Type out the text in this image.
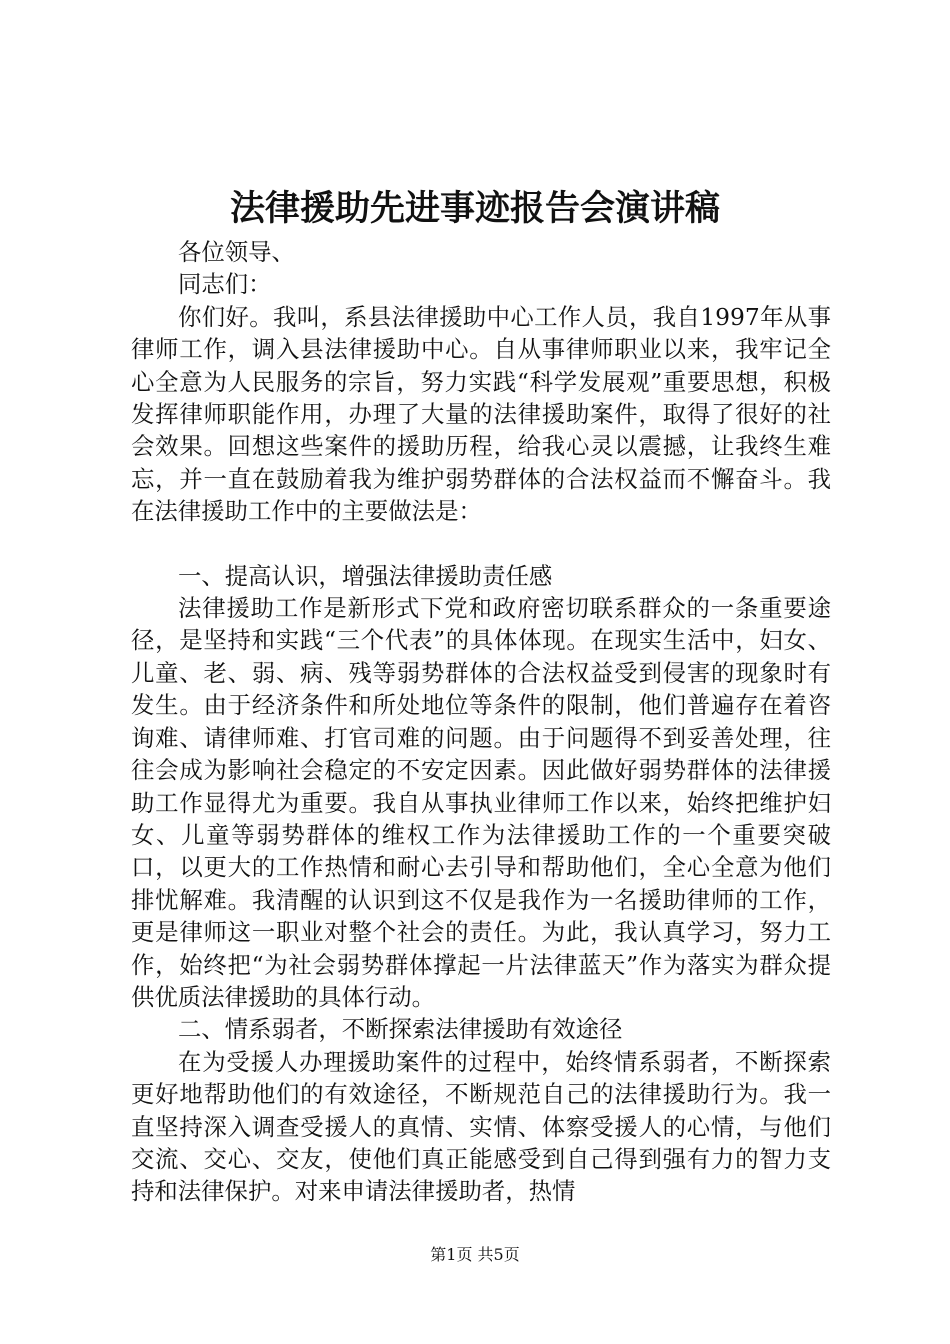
法律援助先进事迹报告会演讲稿

各位领导、

同志们：

你们好。我叫，系县法律援助中心工作人员，我自1997年从事律师工作，调入县法律援助中心。自从事律师职业以来，我牢记全心全意为人民服务的宗旨，努力实践“科学发展观”重要思想，积极发挥律师职能作用，办理了大量的法律援助案件，取得了很好的社会效果。回想这些案件的援助历程，给我心灵以震撼，让我终生难忘，并一直在鼓励着我为维护弱势群体的合法权益而不懈奋斗。我在法律援助工作中的主要做法是：

一、提高认识，增强法律援助责任感

法律援助工作是新形式下党和政府密切联系群众的一条重要途径，是坚持和实践“三个代表”的具体体现。在现实生活中，妇女、儿童、老、弱、病、残等弱势群体的合法权益受到侵害的现象时有发生。由于经济条件和所处地位等条件的限制，他们普遍存在着咨询难、请律师难、打官司难的问题。由于问题得不到妥善处理，往往会成为影响社会稳定的不安定因素。因此做好弱势群体的法律援助工作显得尤为重要。我自从事执业律师工作以来，始终把维护妇女、儿童等弱势群体的维权工作为法律援助工作的一个重要突破口，以更大的工作热情和耐心去引导和帮助他们，全心全意为他们排忧解难。我清醒的认识到这不仅是我作为一名援助律师的工作，更是律师这一职业对整个社会的责任。为此，我认真学习，努力工作，始终把“为社会弱势群体撑起一片法律蓝天”作为落实为群众提供优质法律援助的具体行动。

二、情系弱者，不断探索法律援助有效途径

在为受援人办理援助案件的过程中，始终情系弱者，不断探索更好地帮助他们的有效途径，不断规范自己的法律援助行为。我一直坚持深入调查受援人的真情、实情、体察受援人的心情，与他们交流、交心、交友，使他们真正能感受到自己得到强有力的智力支持和法律保护。对来申请法律援助者，热情

第1页 共5页
